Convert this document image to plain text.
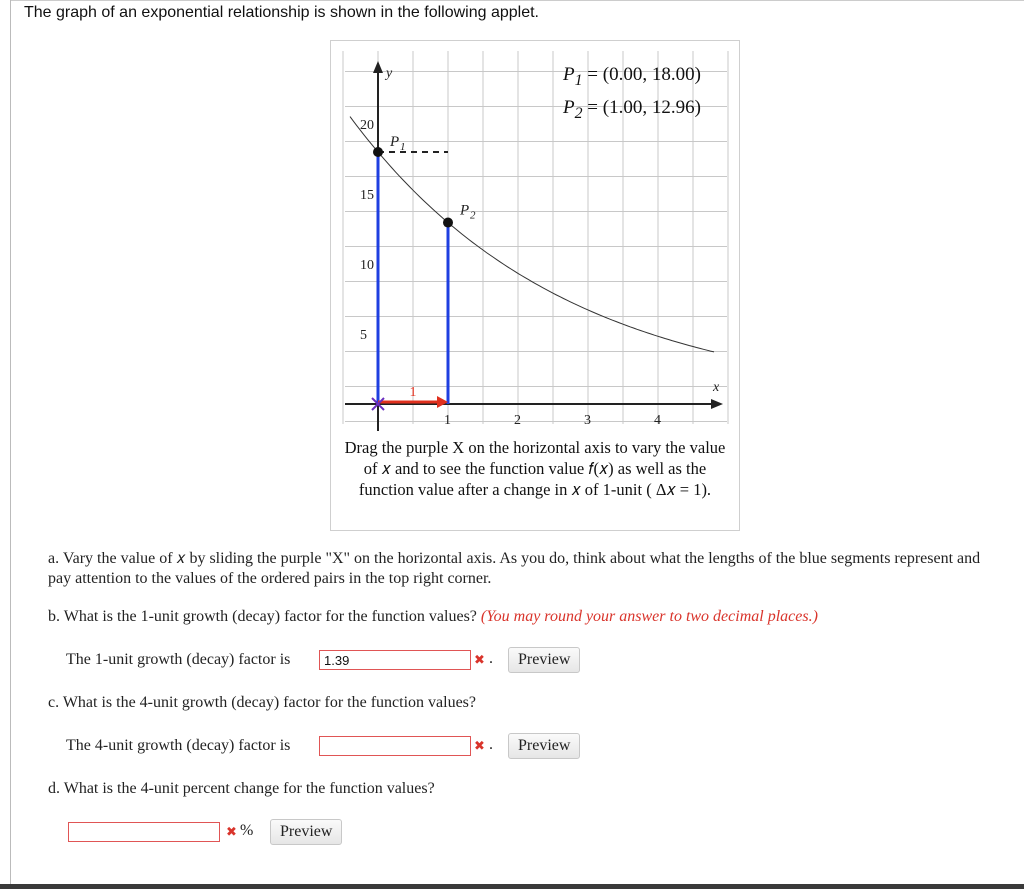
The graph of an exponential relationship is shown in the following applet.
20
15
10
5
1	2	3	4
y
x
1
P 1
P 2
$P_1 = (0.00$, 18.00)
$P_2 = (1.00$, 12.96)
Drag the purple X on the horizontal axis to vary the value of 𝑥 and to see the function value 𝑓(𝑥) as well as the function value after a change in 𝑥 of 1-unit ( Δ𝑥 = 1).
a. Vary the value of 𝑥 by sliding the purple "X" on the horizontal axis. As you do, think about what the lengths of the blue segments represent and pay attention to the values of the ordered pairs in the top right corner.
b. What is the 1-unit growth (decay) factor for the function values? (You may round your answer to two decimal places.)
The 1-unit growth (decay) factor is	1.39	✖ .	Preview
c. What is the 4-unit growth (decay) factor for the function values?
The 4-unit growth (decay) factor is	✖ .	Preview
d. What is the 4-unit percent change for the function values?
✖ %	Preview
